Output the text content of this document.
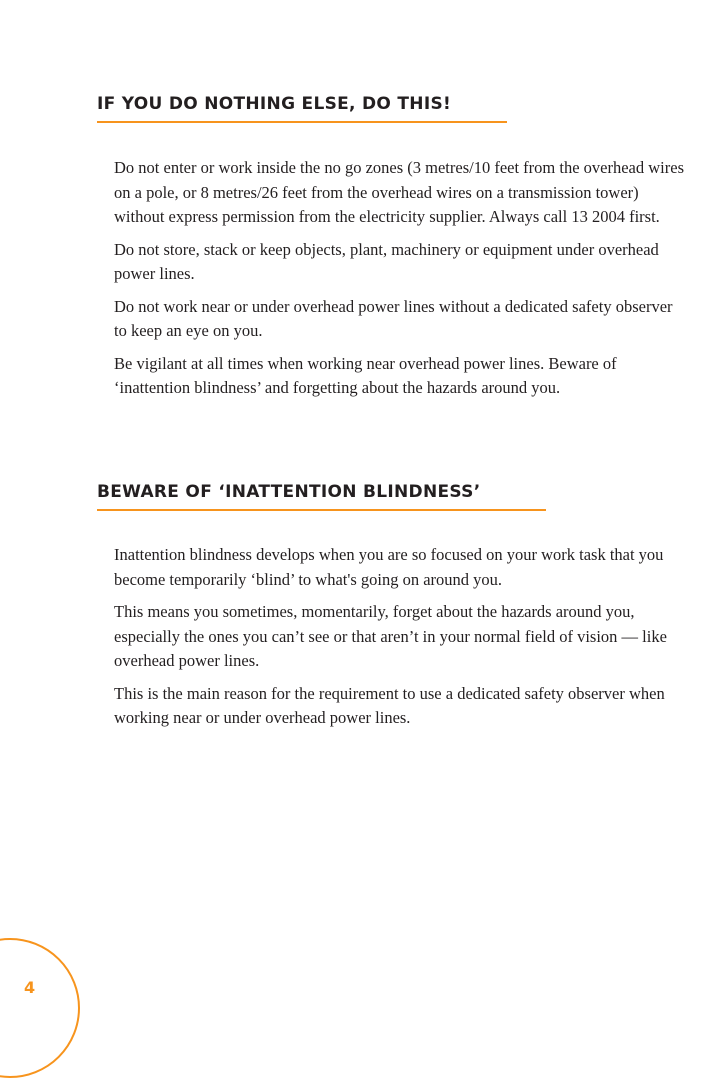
IF YOU DO NOTHING ELSE, DO THIS!

Do not enter or work inside the no go zones (3 metres/10 feet from the overhead wires on a pole, or 8 metres/26 feet from the overhead wires on a transmission tower) without express permission from the electricity supplier. Always call 13 2004 first.

Do not store, stack or keep objects, plant, machinery or equipment under overhead power lines.

Do not work near or under overhead power lines without a dedicated safety observer to keep an eye on you.

Be vigilant at all times when working near overhead power lines. Beware of ‘inattention blindness’ and forgetting about the hazards around you.

BEWARE OF ‘INATTENTION BLINDNESS’

Inattention blindness develops when you are so focused on your work task that you become temporarily ‘blind’ to what's going on around you.

This means you sometimes, momentarily, forget about the hazards around you, especially the ones you can’t see or that aren’t in your normal field of vision — like overhead power lines.

This is the main reason for the requirement to use a dedicated safety observer when working near or under overhead power lines.

4
